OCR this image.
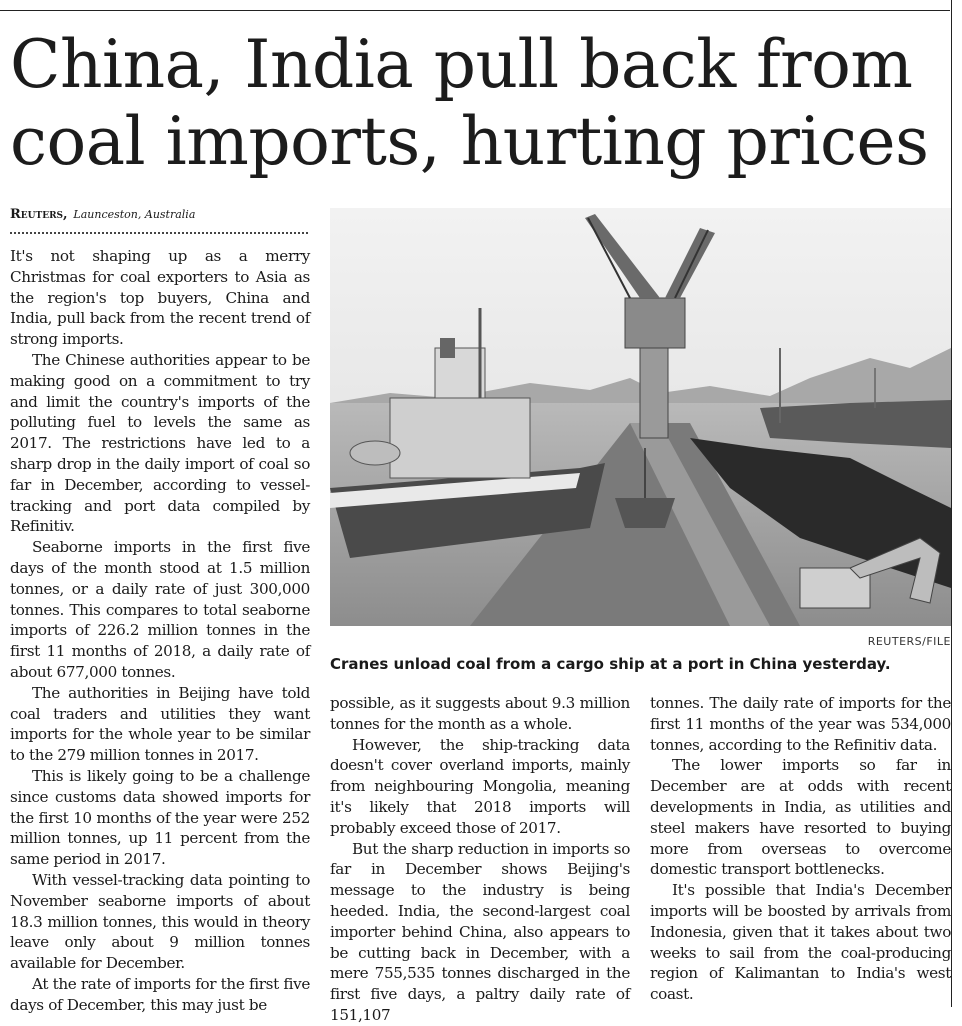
China, India pull back from
coal imports, hurting prices
Reuters, Launceston, Australia

It's not shaping up as a merry Christmas for coal exporters to Asia as the region's top buyers, China and India, pull back from the recent trend of strong imports.

The Chinese authorities appear to be making good on a commitment to try and limit the country's imports of the polluting fuel to levels the same as 2017. The restrictions have led to a sharp drop in the daily import of coal so far in December, according to vessel-tracking and port data compiled by Refinitiv.

Seaborne imports in the first five days of the month stood at 1.5 million tonnes, or a daily rate of just 300,000 tonnes. This compares to total seaborne imports of 226.2 million tonnes in the first 11 months of 2018, a daily rate of about 677,000 tonnes.

The authorities in Beijing have told coal traders and utilities they want imports for the whole year to be similar to the 279 million tonnes in 2017.

This is likely going to be a challenge since customs data showed imports for the first 10 months of the year were 252 million tonnes, up 11 percent from the same period in 2017.

With vessel-tracking data pointing to November seaborne imports of about 18.3 million tonnes, this would in theory leave only about 9 million tonnes available for December.

At the rate of imports for the first five days of December, this may just be

REUTERS/FILE
Cranes unload coal from a cargo ship at a port in China yesterday.

possible, as it suggests about 9.3 million tonnes for the month as a whole.

However, the ship-tracking data doesn't cover overland imports, mainly from neighbouring Mongolia, meaning it's likely that 2018 imports will probably exceed those of 2017.

But the sharp reduction in imports so far in December shows Beijing's message to the industry is being heeded. India, the second-largest coal importer behind China, also appears to be cutting back in December, with a mere 755,535 tonnes discharged in the first five days, a paltry daily rate of 151,107

tonnes. The daily rate of imports for the first 11 months of the year was 534,000 tonnes, according to the Refinitiv data.

The lower imports so far in December are at odds with recent developments in India, as utilities and steel makers have resorted to buying more from overseas to overcome domestic transport bottlenecks.

It's possible that India's December imports will be boosted by arrivals from Indonesia, given that it takes about two weeks to sail from the coal-producing region of Kalimantan to India's west coast.
